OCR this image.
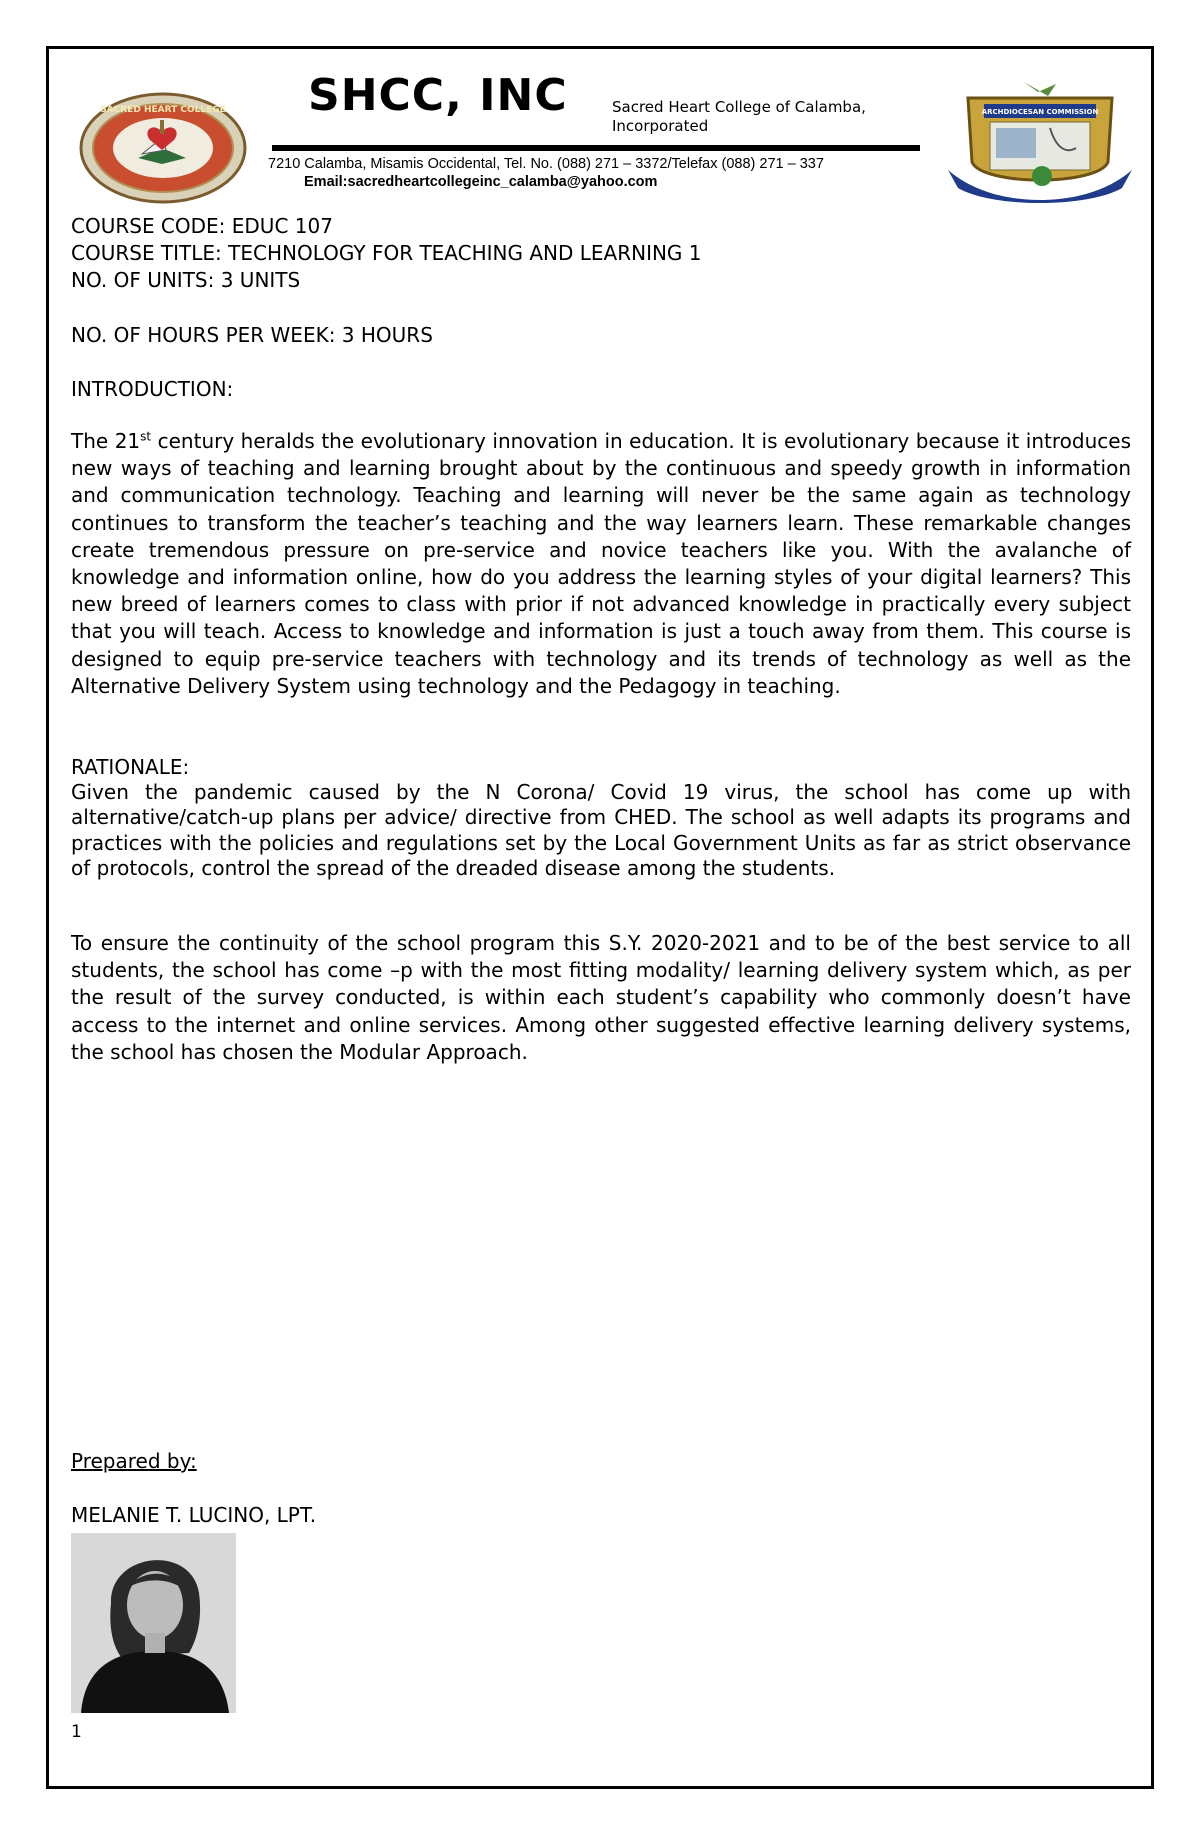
SACRED HEART COLLEGE	ARCHDIOCESAN COMMISSION
SHCC, INC	Sacred Heart College of Calamba, Incorporated
7210 Calamba, Misamis Occidental, Tel. No. (088) 271 – 3372/Telefax (088) 271 – 337
Email:sacredheartcollegeinc_calamba@yahoo.com
COURSE CODE: EDUC 107
COURSE TITLE: TECHNOLOGY FOR TEACHING AND LEARNING 1
NO. OF UNITS: 3 UNITS
NO. OF HOURS PER WEEK: 3 HOURS
INTRODUCTION:
The 21st century heralds the evolutionary innovation in education. It is evolutionary because it introduces new ways of teaching and learning brought about by the continuous and speedy growth in information and communication technology. Teaching and learning will never be the same again as technology continues to transform the teacher’s teaching and the way learners learn. These remarkable changes create tremendous pressure on pre-service and novice teachers like you. With the avalanche of knowledge and information online, how do you address the learning styles of your digital learners? This new breed of learners comes to class with prior if not advanced knowledge in practically every subject that you will teach. Access to knowledge and information is just a touch away from them. This course is designed to equip pre-service teachers with technology and its trends of technology as well as the Alternative Delivery System using technology and the Pedagogy in teaching.
RATIONALE:
Given the pandemic caused by the N Corona/ Covid 19 virus, the school has come up with alternative/catch-up plans per advice/ directive from CHED. The school as well adapts its programs and practices with the policies and regulations set by the Local Government Units as far as strict observance of protocols, control the spread of the dreaded disease among the students.
To ensure the continuity of the school program this S.Y. 2020-2021 and to be of the best service to all students, the school has come –p with the most fitting modality/ learning delivery system which, as per the result of the survey conducted, is within each student’s capability who commonly doesn’t have access to the internet and online services. Among other suggested effective learning delivery systems, the school has chosen the Modular Approach.
Prepared by:
MELANIE T. LUCINO, LPT.
1
